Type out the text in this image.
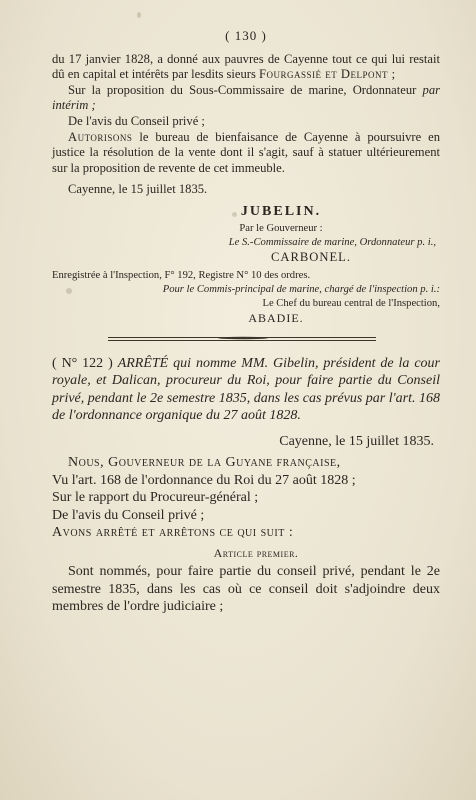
( 130 )

du 17 janvier 1828, a donné aux pauvres de Cayenne tout ce qui lui restait dû en capital et intérêts par lesdits sieurs Fourgassié et Delpont ;

Sur la proposition du Sous-Commissaire de marine, Ordonnateur par intérim ;

De l'avis du Conseil privé ;

Autorisons le bureau de bienfaisance de Cayenne à poursuivre en justice la résolution de la vente dont il s'agit, sauf à statuer ultérieurement sur la proposition de revente de cet immeuble.

Cayenne, le 15 juillet 1835.

JUBELIN.
Par le Gouverneur :
Le S.-Commissaire de marine, Ordonnateur p. i.,
CARBONEL.
Enregistrée à l'Inspection, F° 192, Registre N° 10 des ordres.
Pour le Commis-principal de marine, chargé de l'inspection p. i.:
Le Chef du bureau central de l'Inspection,
ABADIE.

( N° 122 ) ARRÊTÉ qui nomme MM. Gibelin, président de la cour royale, et Dalican, procureur du Roi, pour faire partie du Conseil privé, pendant le 2e semestre 1835, dans les cas prévus par l'art. 168 de l'ordonnance organique du 27 août 1828.

Cayenne, le 15 juillet 1835.

Nous, Gouverneur de la Guyane française,
Vu l'art. 168 de l'ordonnance du Roi du 27 août 1828 ;
Sur le rapport du Procureur-général ;
De l'avis du Conseil privé ;
Avons arrêté et arrêtons ce qui suit :
Article premier.

Sont nommés, pour faire partie du conseil privé, pendant le 2e semestre 1835, dans les cas où ce conseil doit s'adjoindre deux membres de l'ordre judiciaire ;
